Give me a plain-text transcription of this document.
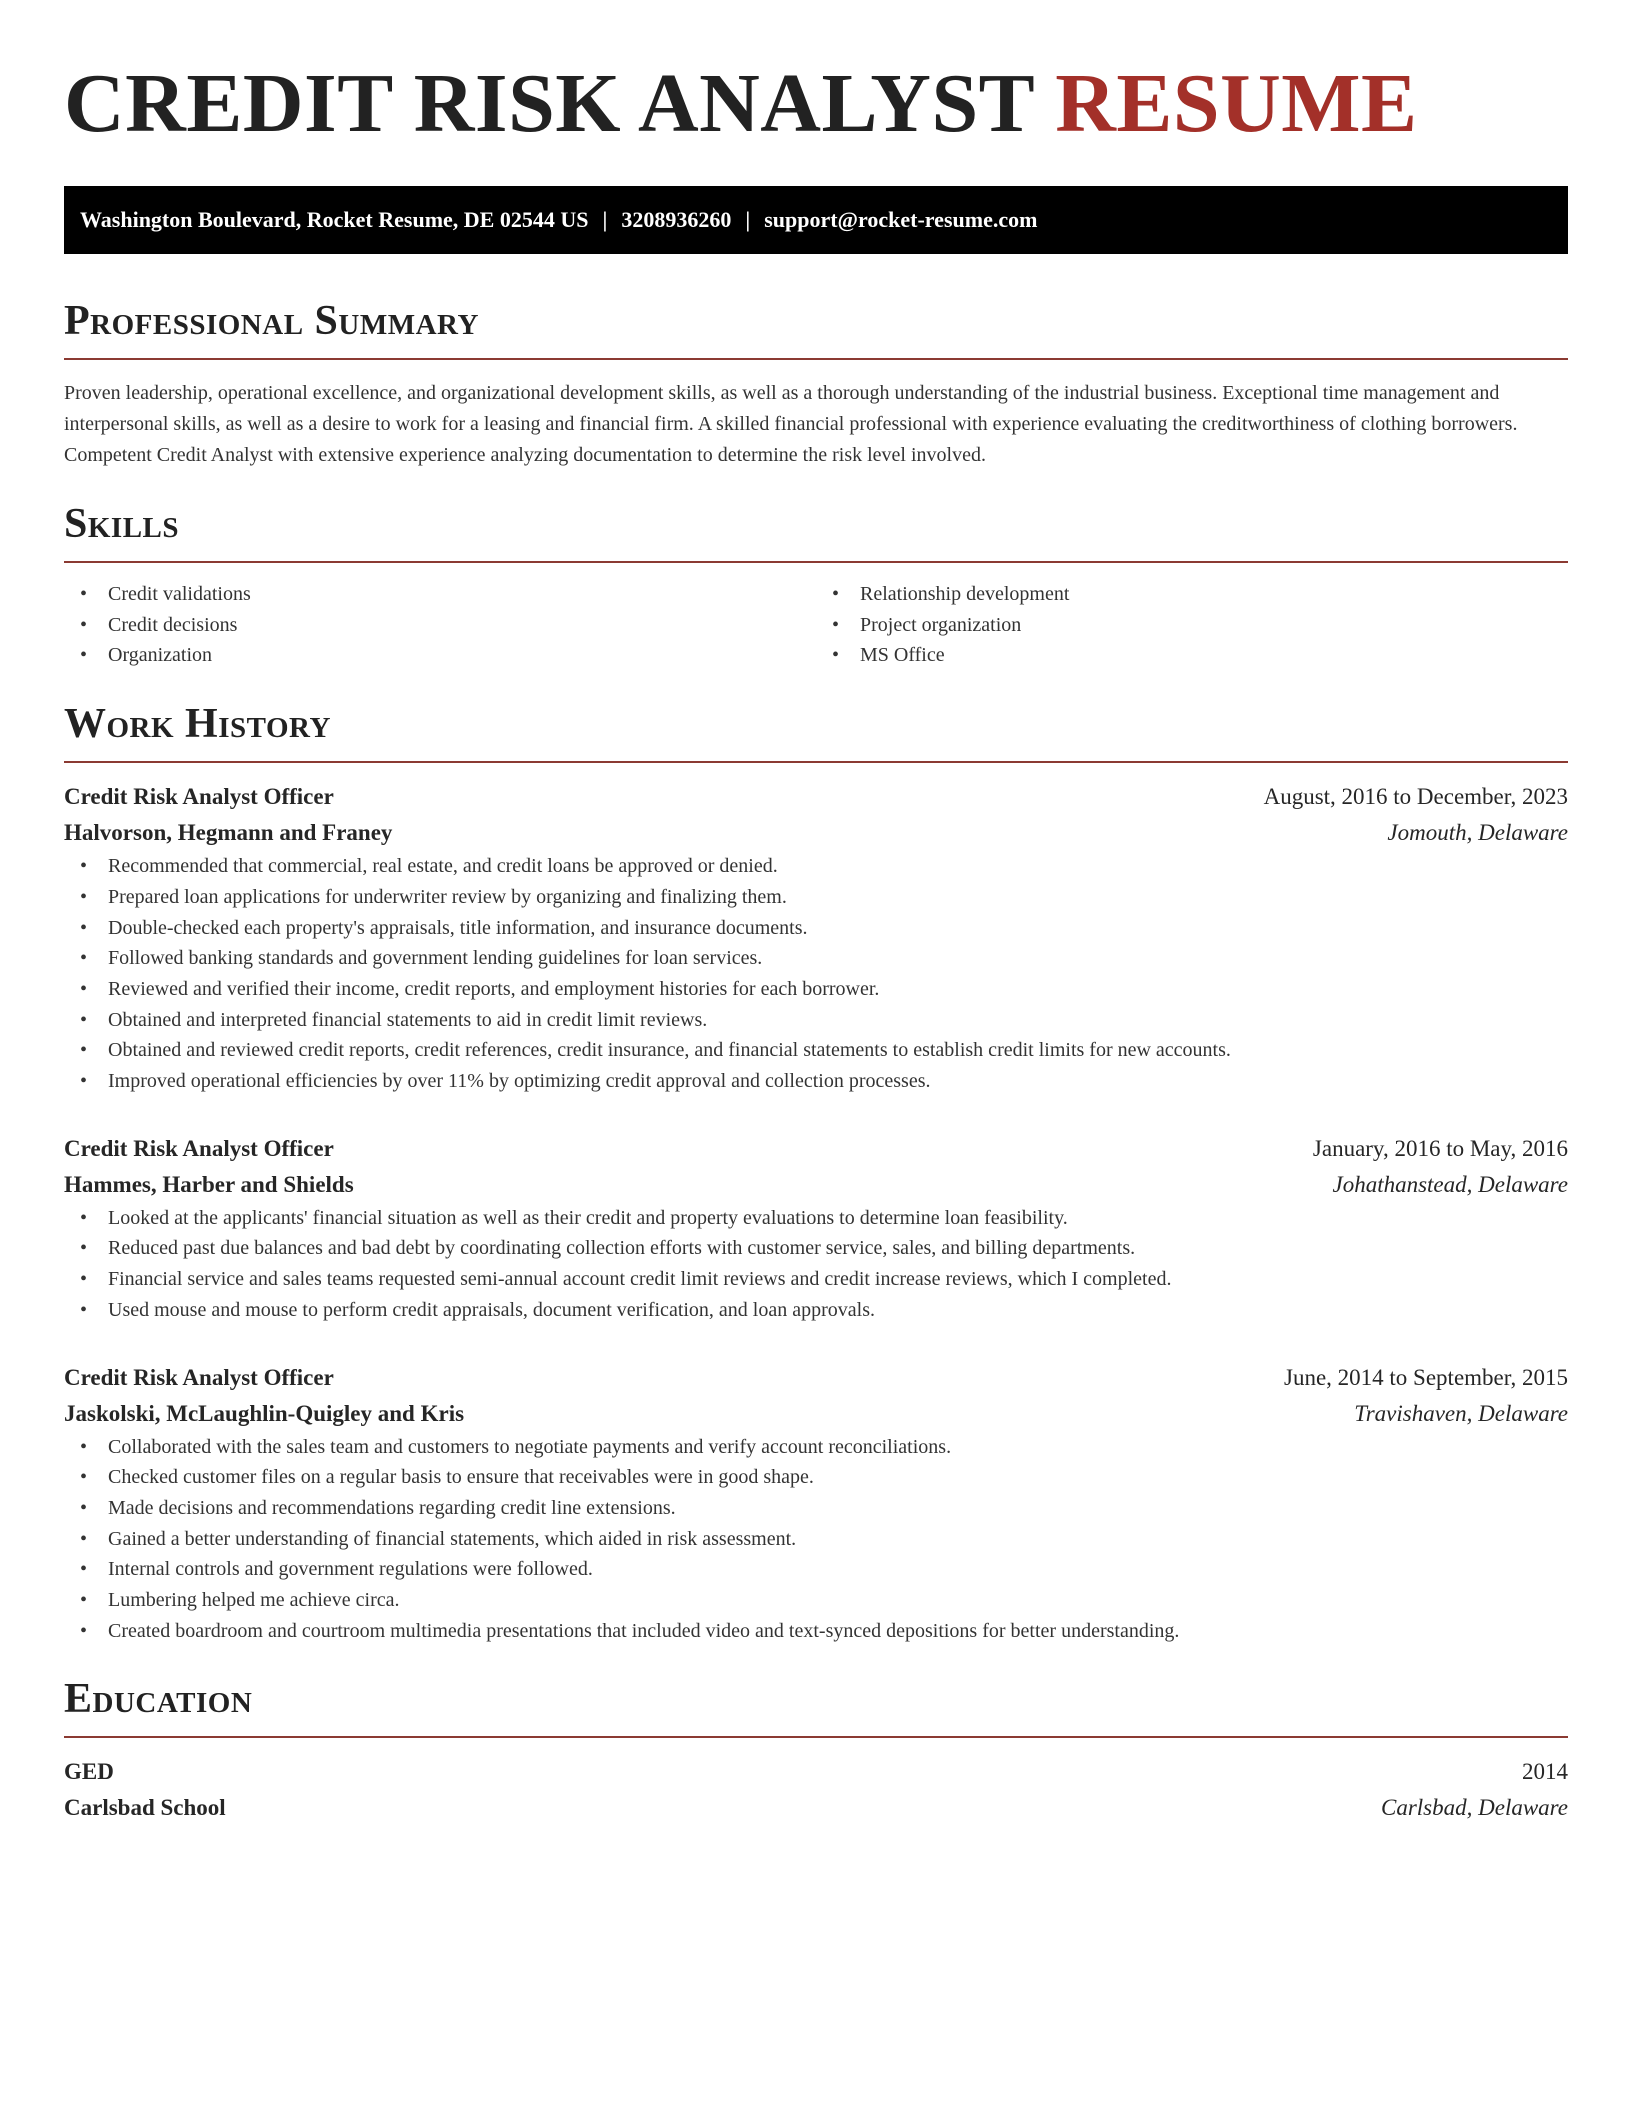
CREDIT RISK ANALYST RESUME
Washington Boulevard, Rocket Resume, DE 02544 US | 3208936260 | support@rocket-resume.com
Professional Summary

Proven leadership, operational excellence, and organizational development skills, as well as a thorough understanding of the industrial business. Exceptional time management and interpersonal skills, as well as a desire to work for a leasing and financial firm. A skilled financial professional with experience evaluating the creditworthiness of clothing borrowers. Competent Credit Analyst with extensive experience analyzing documentation to determine the risk level involved.

Skills
• Credit validations
• Credit decisions
• Organization
• Relationship development
• Project organization
• MS Office
Work History
Credit Risk Analyst Officer	August, 2016 to December, 2023
Halvorson, Hegmann and Franey	Jomouth, Delaware
• Recommended that commercial, real estate, and credit loans be approved or denied.
• Prepared loan applications for underwriter review by organizing and finalizing them.
• Double-checked each property's appraisals, title information, and insurance documents.
• Followed banking standards and government lending guidelines for loan services.
• Reviewed and verified their income, credit reports, and employment histories for each borrower.
• Obtained and interpreted financial statements to aid in credit limit reviews.
• Obtained and reviewed credit reports, credit references, credit insurance, and financial statements to establish credit limits for new accounts.
• Improved operational efficiencies by over 11% by optimizing credit approval and collection processes.
Credit Risk Analyst Officer	January, 2016 to May, 2016
Hammes, Harber and Shields	Johathanstead, Delaware
• Looked at the applicants' financial situation as well as their credit and property evaluations to determine loan feasibility.
• Reduced past due balances and bad debt by coordinating collection efforts with customer service, sales, and billing departments.
• Financial service and sales teams requested semi-annual account credit limit reviews and credit increase reviews, which I completed.
• Used mouse and mouse to perform credit appraisals, document verification, and loan approvals.
Credit Risk Analyst Officer	June, 2014 to September, 2015
Jaskolski, McLaughlin-Quigley and Kris	Travishaven, Delaware
• Collaborated with the sales team and customers to negotiate payments and verify account reconciliations.
• Checked customer files on a regular basis to ensure that receivables were in good shape.
• Made decisions and recommendations regarding credit line extensions.
• Gained a better understanding of financial statements, which aided in risk assessment.
• Internal controls and government regulations were followed.
• Lumbering helped me achieve circa.
• Created boardroom and courtroom multimedia presentations that included video and text-synced depositions for better understanding.
Education
GED	2014
Carlsbad School	Carlsbad, Delaware
